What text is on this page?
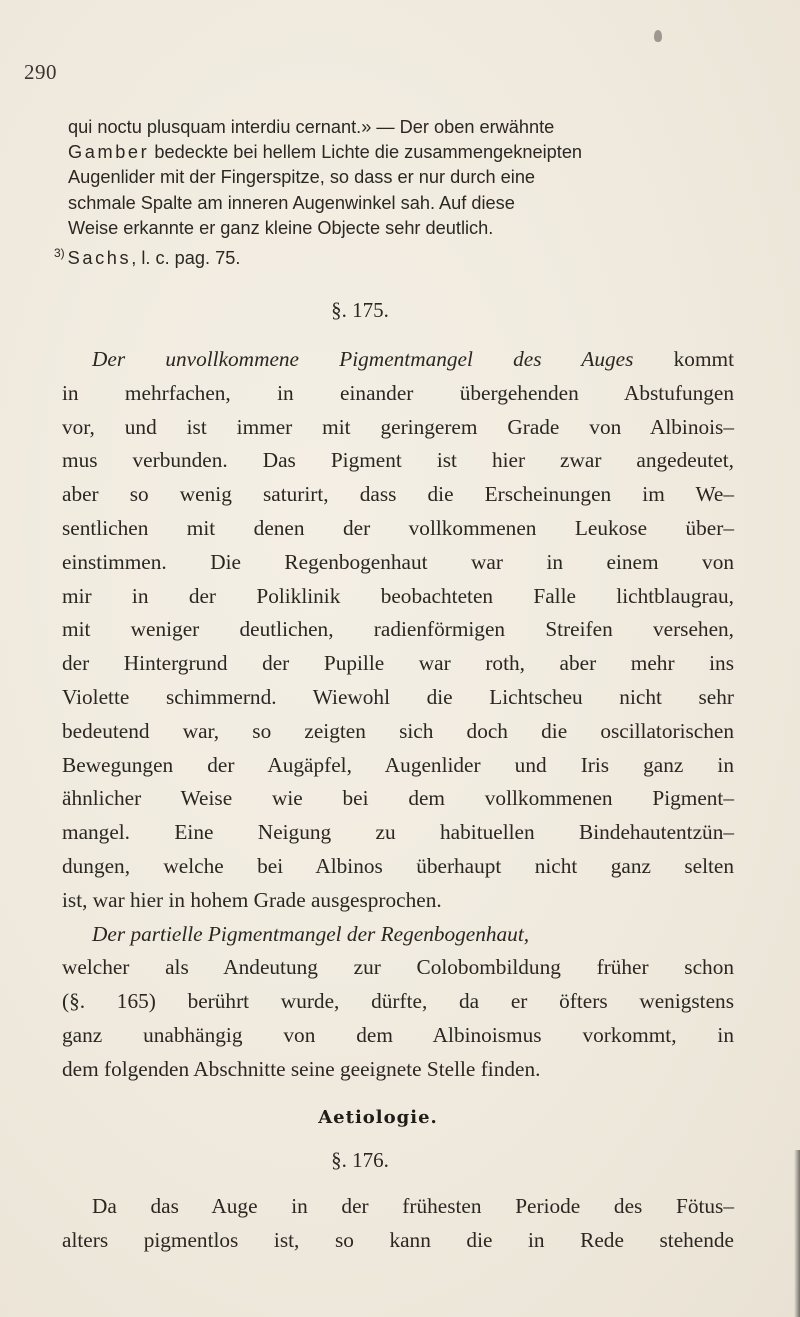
290
qui noctu plusquam interdiu cernant.» — Der oben erwähnte
Gamber bedeckte bei hellem Lichte die zusammengekneipten
Augenlider mit der Fingerspitze, so dass er nur durch eine
schmale Spalte am inneren Augenwinkel sah. Auf diese
Weise erkannte er ganz kleine Objecte sehr deutlich.
$^{3)}$ Sachs, l. c. pag. 75.
§. 175.
Der unvollkommene Pigmentmangel des Auges kommt
in mehrfachen, in einander übergehenden Abstufungen
vor, und ist immer mit geringerem Grade von Albinois–
mus verbunden. Das Pigment ist hier zwar angedeutet,
aber so wenig saturirt, dass die Erscheinungen im We–
sentlichen mit denen der vollkommenen Leukose über–
einstimmen. Die Regenbogenhaut war in einem von
mir in der Poliklinik beobachteten Falle lichtblaugrau,
mit weniger deutlichen, radienförmigen Streifen versehen,
der Hintergrund der Pupille war roth, aber mehr ins
Violette schimmernd. Wiewohl die Lichtscheu nicht sehr
bedeutend war, so zeigten sich doch die oscillatorischen
Bewegungen der Augäpfel, Augenlider und Iris ganz in
ähnlicher Weise wie bei dem vollkommenen Pigment–
mangel. Eine Neigung zu habituellen Bindehautentzün–
dungen, welche bei Albinos überhaupt nicht ganz selten
ist, war hier in hohem Grade ausgesprochen.
Der partielle Pigmentmangel der Regenbogenhaut,
welcher als Andeutung zur Colobombildung früher schon
(§. 165) berührt wurde, dürfte, da er öfters wenigstens
ganz unabhängig von dem Albinoismus vorkommt, in
dem folgenden Abschnitte seine geeignete Stelle finden.
Aetiologie.
§. 176.
Da das Auge in der frühesten Periode des Fötus–
alters pigmentlos ist, so kann die in Rede stehende
